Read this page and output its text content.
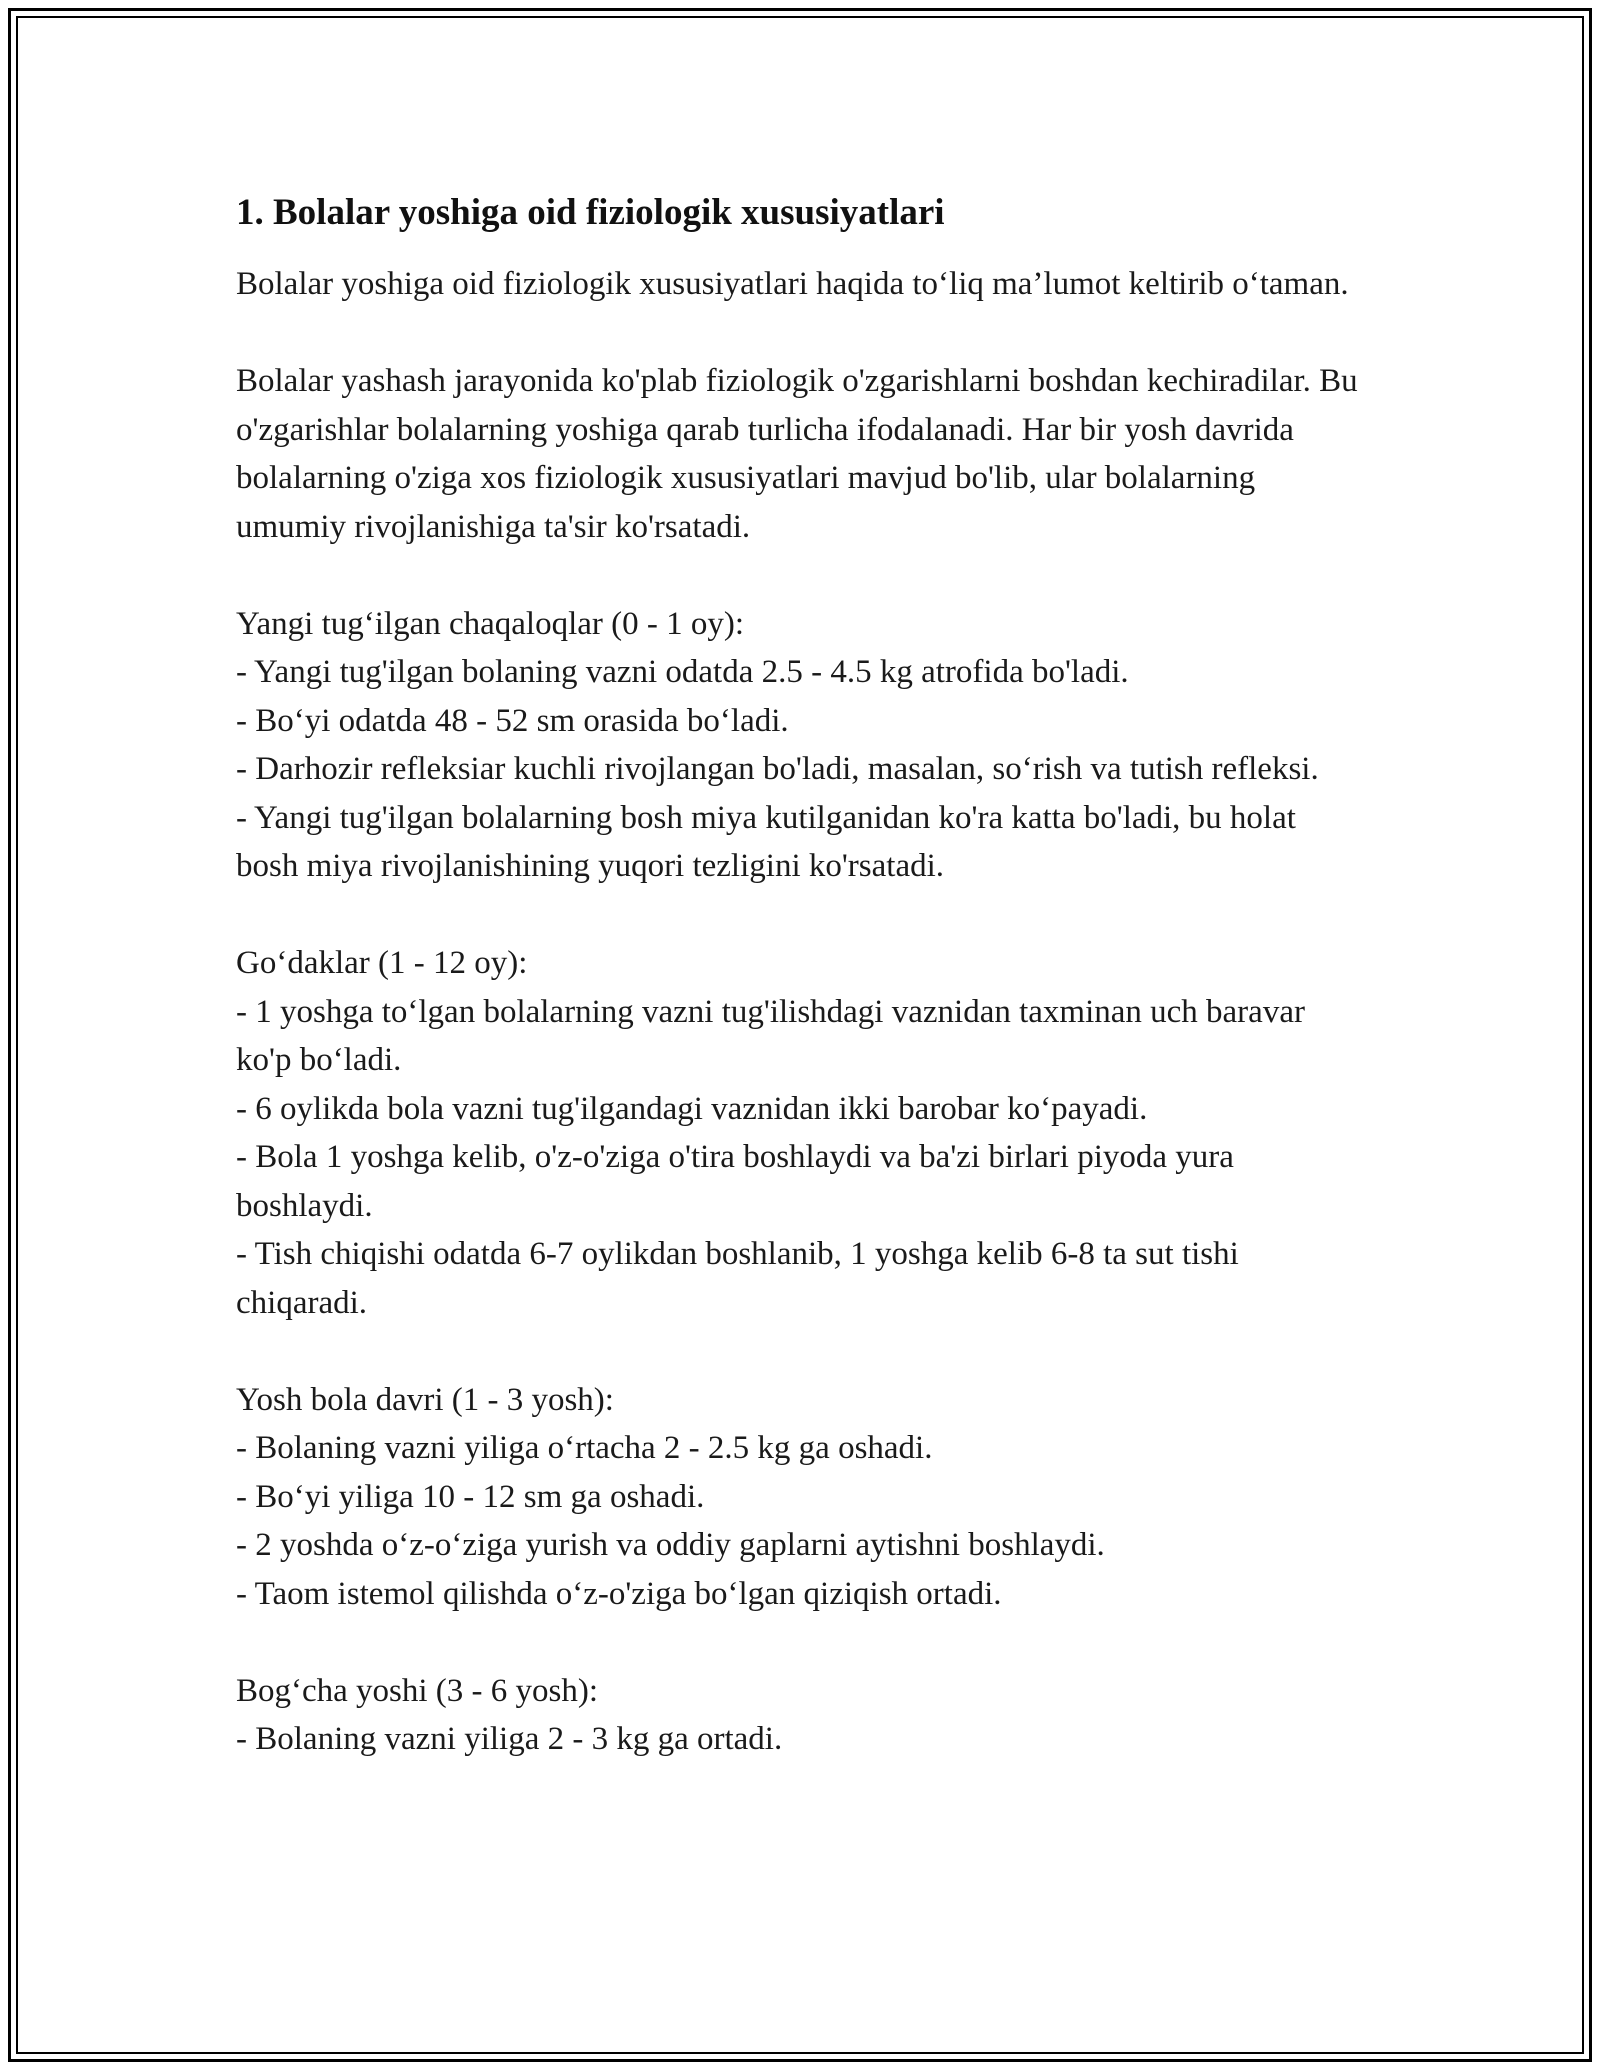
1. Bolalar yoshiga oid fiziologik xususiyatlari

Bolalar yoshiga oid fiziologik xususiyatlari haqida to‘liq ma’lumot keltirib o‘taman.

Bolalar yashash jarayonida ko'plab fiziologik o'zgarishlarni boshdan kechiradilar. Bu o'zgarishlar bolalarning yoshiga qarab turlicha ifodalanadi. Har bir yosh davrida bolalarning o'ziga xos fiziologik xususiyatlari mavjud bo'lib, ular bolalarning umumiy rivojlanishiga ta'sir ko'rsatadi.

Yangi tug‘ilgan chaqaloqlar (0 - 1 oy):

- Yangi tug'ilgan bolaning vazni odatda 2.5 - 4.5 kg atrofida bo'ladi.

- Bo‘yi odatda 48 - 52 sm orasida bo‘ladi.

- Darhozir refleksiar kuchli rivojlangan bo'ladi, masalan, so‘rish va tutish refleksi.

- Yangi tug'ilgan bolalarning bosh miya kutilganidan ko'ra katta bo'ladi, bu holat bosh miya rivojlanishining yuqori tezligini ko'rsatadi.

Go‘daklar (1 - 12 oy):

- 1 yoshga to‘lgan bolalarning vazni tug'ilishdagi vaznidan taxminan uch baravar ko'p bo‘ladi.

- 6 oylikda bola vazni tug'ilgandagi vaznidan ikki barobar ko‘payadi.

- Bola 1 yoshga kelib, o'z-o'ziga o'tira boshlaydi va ba'zi birlari piyoda yura boshlaydi.

- Tish chiqishi odatda 6-7 oylikdan boshlanib, 1 yoshga kelib 6-8 ta sut tishi chiqaradi.

Yosh bola davri (1 - 3 yosh):

- Bolaning vazni yiliga o‘rtacha 2 - 2.5 kg ga oshadi.

- Bo‘yi yiliga 10 - 12 sm ga oshadi.

- 2 yoshda o‘z-o‘ziga yurish va oddiy gaplarni aytishni boshlaydi.

- Taom istemol qilishda o‘z-o'ziga bo‘lgan qiziqish ortadi.

Bog‘cha yoshi (3 - 6 yosh):

- Bolaning vazni yiliga 2 - 3 kg ga ortadi.
